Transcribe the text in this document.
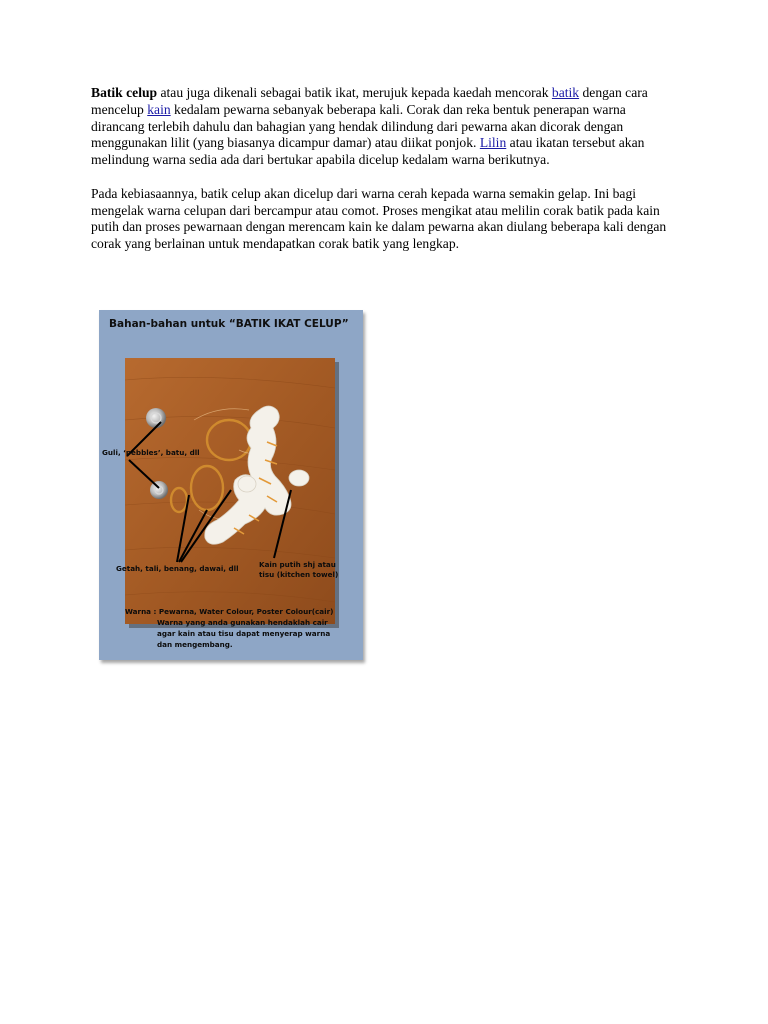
Batik celup atau juga dikenali sebagai batik ikat, merujuk kepada kaedah mencorak batik dengan cara mencelup kain kedalam pewarna sebanyak beberapa kali. Corak dan reka bentuk penerapan warna dirancang terlebih dahulu dan bahagian yang hendak dilindung dari pewarna akan dicorak dengan menggunakan lilit (yang biasanya dicampur damar) atau diikat ponjok. Lilin atau ikatan tersebut akan melindung warna sedia ada dari bertukar apabila dicelup kedalam warna berikutnya.

Pada kebiasaannya, batik celup akan dicelup dari warna cerah kepada warna semakin gelap. Ini bagi mengelak warna celupan dari bercampur atau comot. Proses mengikat atau melilin corak batik pada kain putih dan proses pewarnaan dengan merencam kain ke dalam pewarna akan diulang beberapa kali dengan corak yang berlainan untuk mendapatkan corak batik yang lengkap.

Bahan-bahan untuk “BATIK IKAT CELUP”
Guli, ‘pebbles’, batu, dll
Getah, tali, benang, dawai, dll	Kain putih shj atau
tisu (kitchen towel)
Warna : Pewarna, Water Colour, Poster Colour(cair)
Warna yang anda gunakan hendaklah cair
agar kain atau tisu dapat menyerap warna
dan mengembang.
